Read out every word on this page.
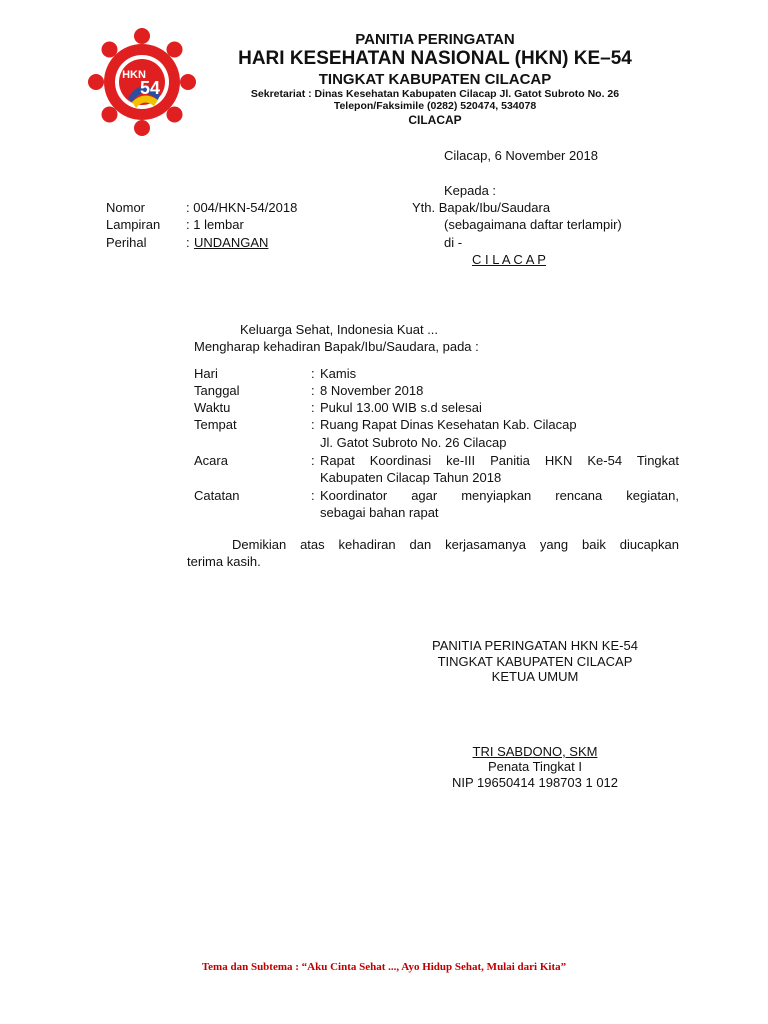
HKN
54
PANITIA PERINGATAN
HARI KESEHATAN NASIONAL (HKN) KE–54
TINGKAT KABUPATEN CILACAP
Sekretariat : Dinas Kesehatan Kabupaten Cilacap Jl. Gatot Subroto No. 26
Telepon/Faksimile (0282) 520474, 534078
CILACAP
Cilacap, 6 November 2018
Kepada :
Yth. Bapak/Ibu/Saudara
(sebagaimana daftar terlampir)
di -
C I L A C A P
Nomor	: 004/HKN-54/2018
Lampiran : 1 lembar
Perihal	: UNDANGAN
Keluarga Sehat, Indonesia Kuat ...
Mengharap kehadiran Bapak/Ibu/Saudara, pada :
Hari	: Kamis
Tanggal	: 8 November 2018
Waktu	: Pukul 13.00 WIB s.d selesai
Tempat	: Ruang Rapat Dinas Kesehatan Kab. Cilacap
Jl. Gatot Subroto No. 26 Cilacap
Acara	: Rapat Koordinasi ke-III Panitia HKN Ke-54 Tingkat
Kabupaten Cilacap Tahun 2018
Catatan	: Koordinator agar menyiapkan rencana kegiatan,
sebagai bahan rapat
Demikian atas kehadiran dan kerjasamanya yang baik diucapkan
terima kasih.
PANITIA PERINGATAN HKN KE-54
TINGKAT KABUPATEN CILACAP
KETUA UMUM
TRI SABDONO, SKM
Penata Tingkat I
NIP 19650414 198703 1 012
Tema dan Subtema : “Aku Cinta Sehat ..., Ayo Hidup Sehat, Mulai dari Kita”
